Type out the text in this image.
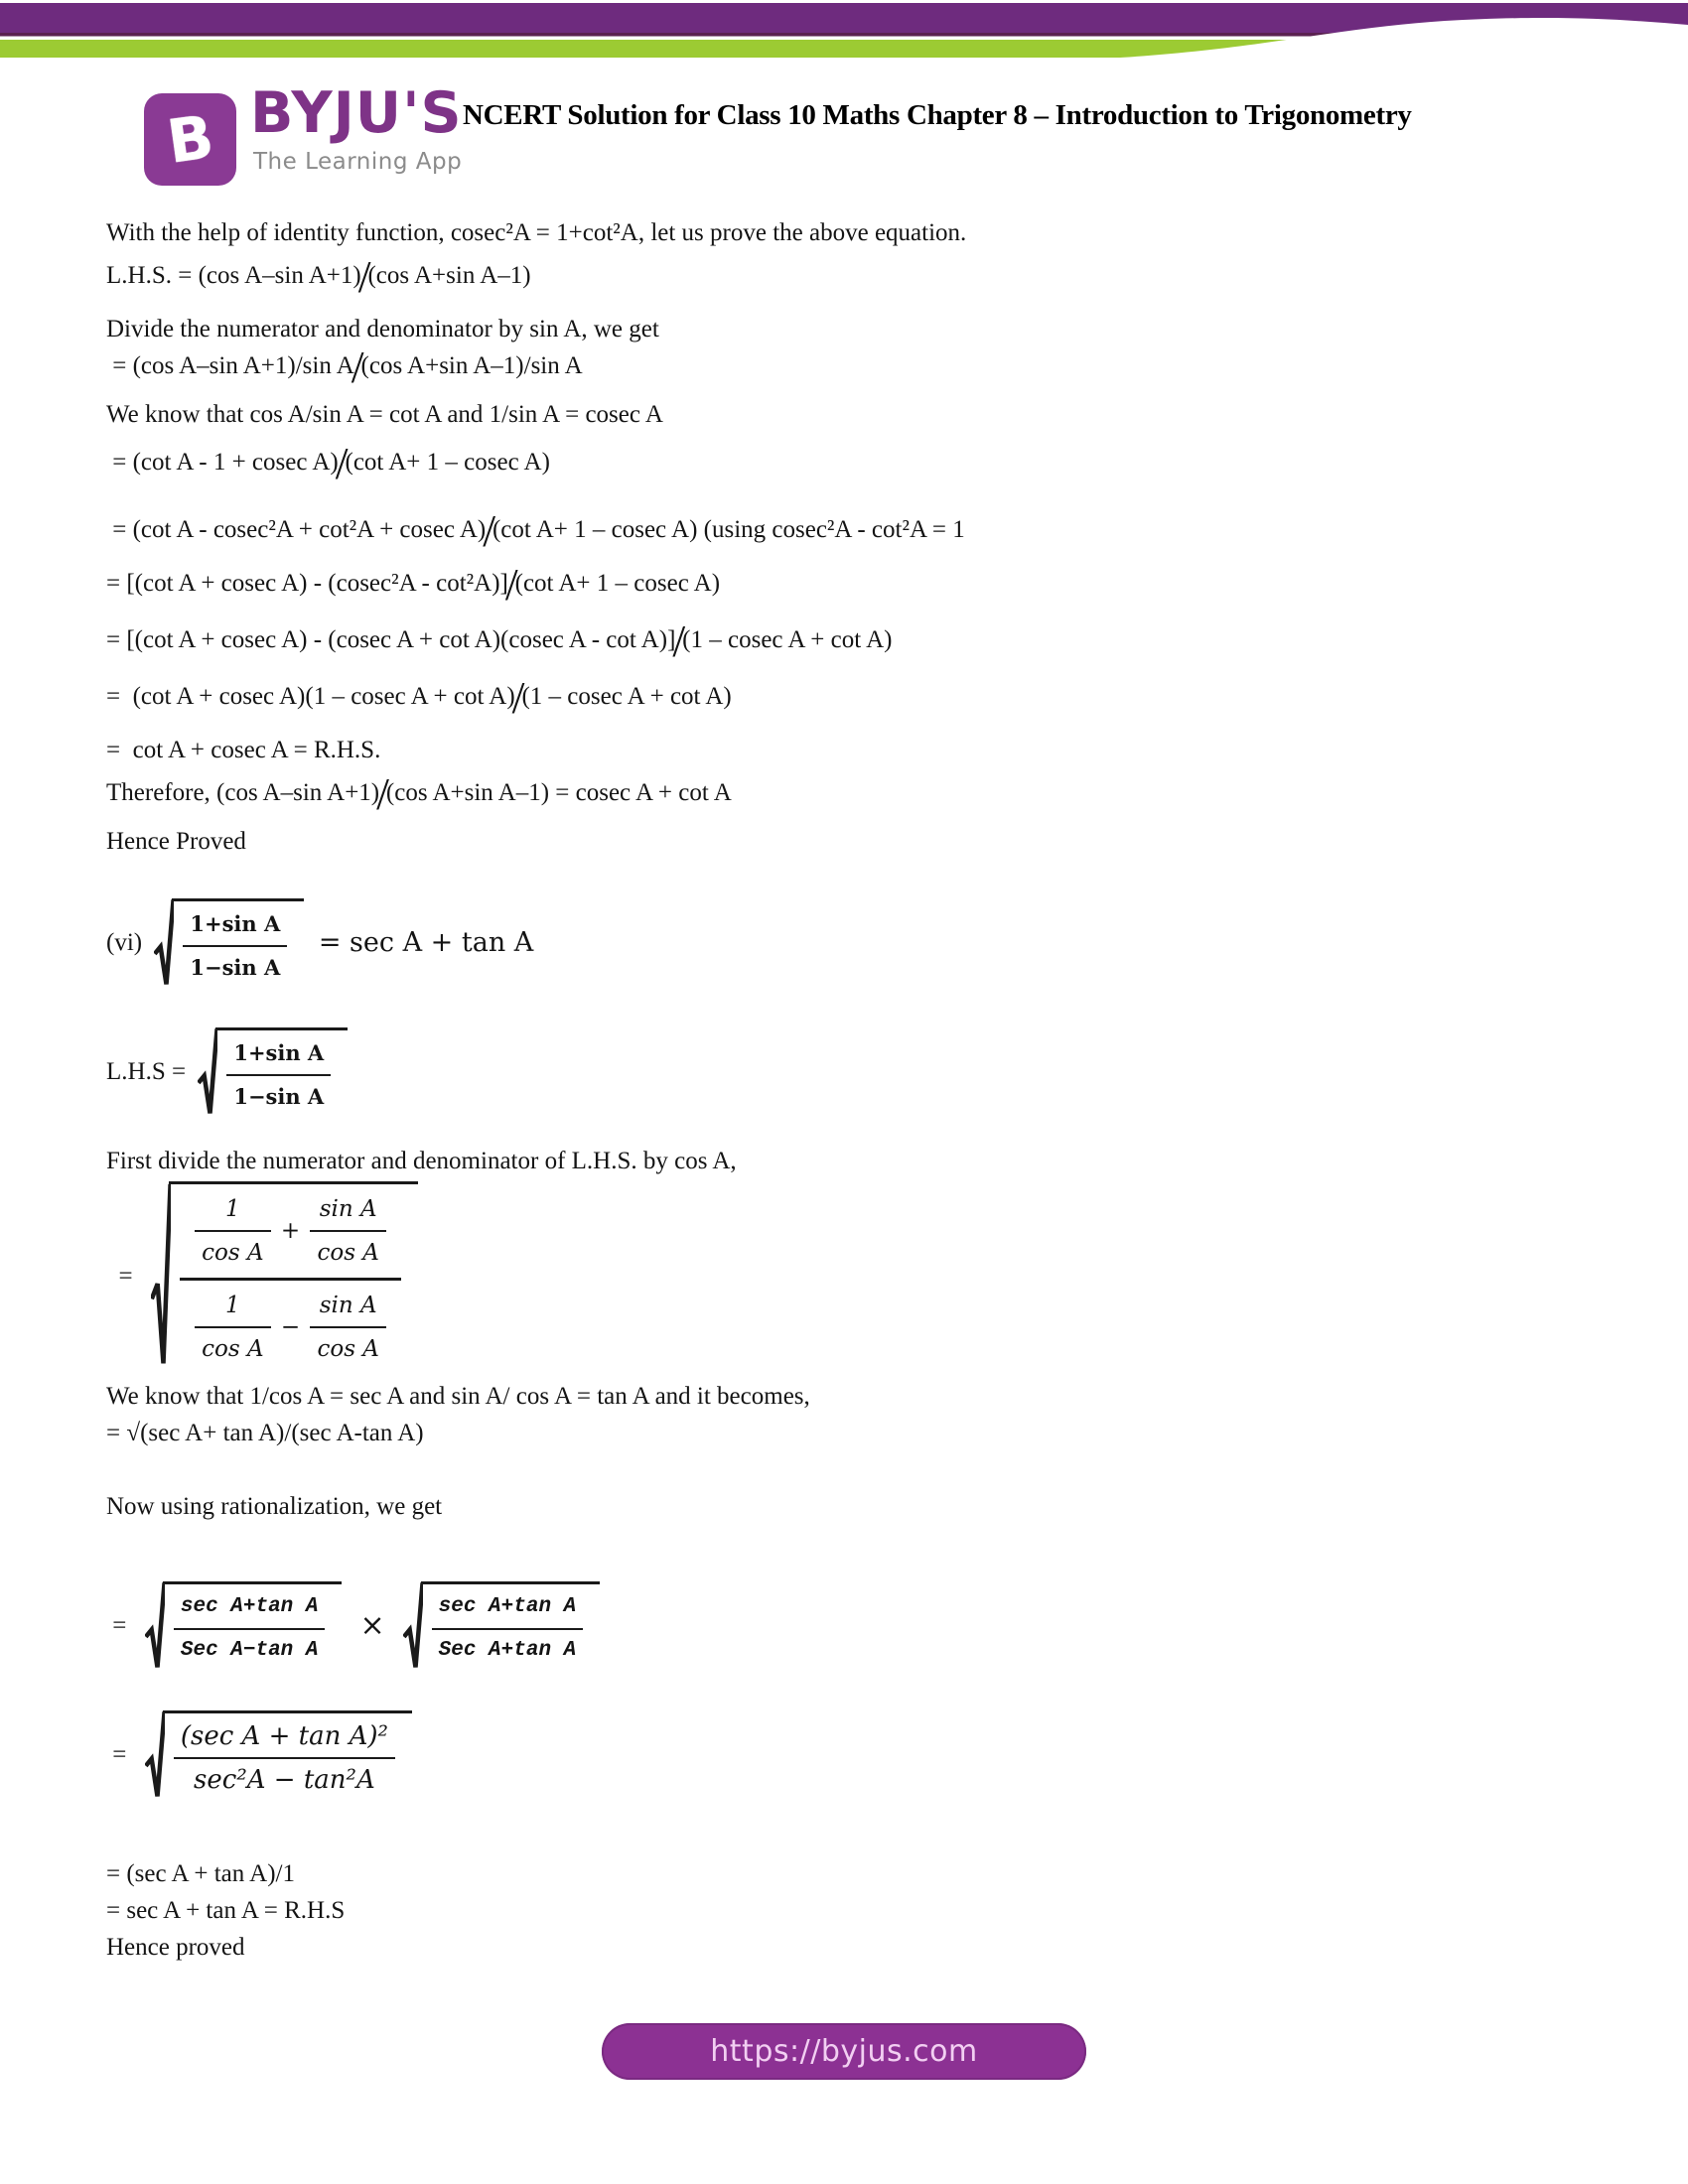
B BYJU'S
The Learning App
NCERT Solution for Class 10 Maths Chapter 8 – Introduction to Trigonometry
With the help of identity function, cosec²A = 1+cot²A, let us prove the above equation.
L.H.S. = (cos A–sin A+1)/(cos A+sin A–1)
Divide the numerator and denominator by sin A, we get
= (cos A–sin A+1)/sin A/(cos A+sin A–1)/sin A
We know that cos A/sin A = cot A and 1/sin A = cosec A
= (cot A - 1 + cosec A)/(cot A+ 1 – cosec A)
= (cot A - cosec²A + cot²A + cosec A)/(cot A+ 1 – cosec A) (using cosec²A - cot²A = 1
= [(cot A + cosec A) - (cosec²A - cot²A)]/(cot A+ 1 – cosec A)
= [(cot A + cosec A) - (cosec A + cot A)(cosec A - cot A)]/(1 – cosec A + cot A)
=  (cot A + cosec A)(1 – cosec A + cot A)/(1 – cosec A + cot A)
=  cot A + cosec A = R.H.S.
Therefore, (cos A–sin A+1)/(cos A+sin A–1) = cosec A + cot A
Hence Proved
$(vi) \frac{\text{1+sin A}}{\text{1−sin A}} = \sec A + \tan A$
$L.H.S = \frac{\text{1+sin A}}{\text{1−sin A}}$
First divide the numerator and denominator of L.H.S. by cos A,
= $\frac{\frac{1}{\text{cos A}} + \frac{\text{sin A}}{\text{cos A}}}{\frac{1}{\text{cos A}} - \frac{\text{sin A}}{\text{cos A}}}$
We know that 1/cos A = sec A and sin A/ cos A = tan A and it becomes,
= √(sec A+ tan A)/(sec A-tan A)
Now using rationalization, we get
= $\frac{\text{sec A+tan A}}{\text{Sec A−tan A}} \times \frac{\text{sec A+tan A}}{\text{Sec A+tan A}}$
= $\frac{\text{(sec A + tan A)²}}{\text{sec²A − tan²A}}$
= (sec A + tan A)/1
= sec A + tan A = R.H.S
Hence proved
https://byjus.com
